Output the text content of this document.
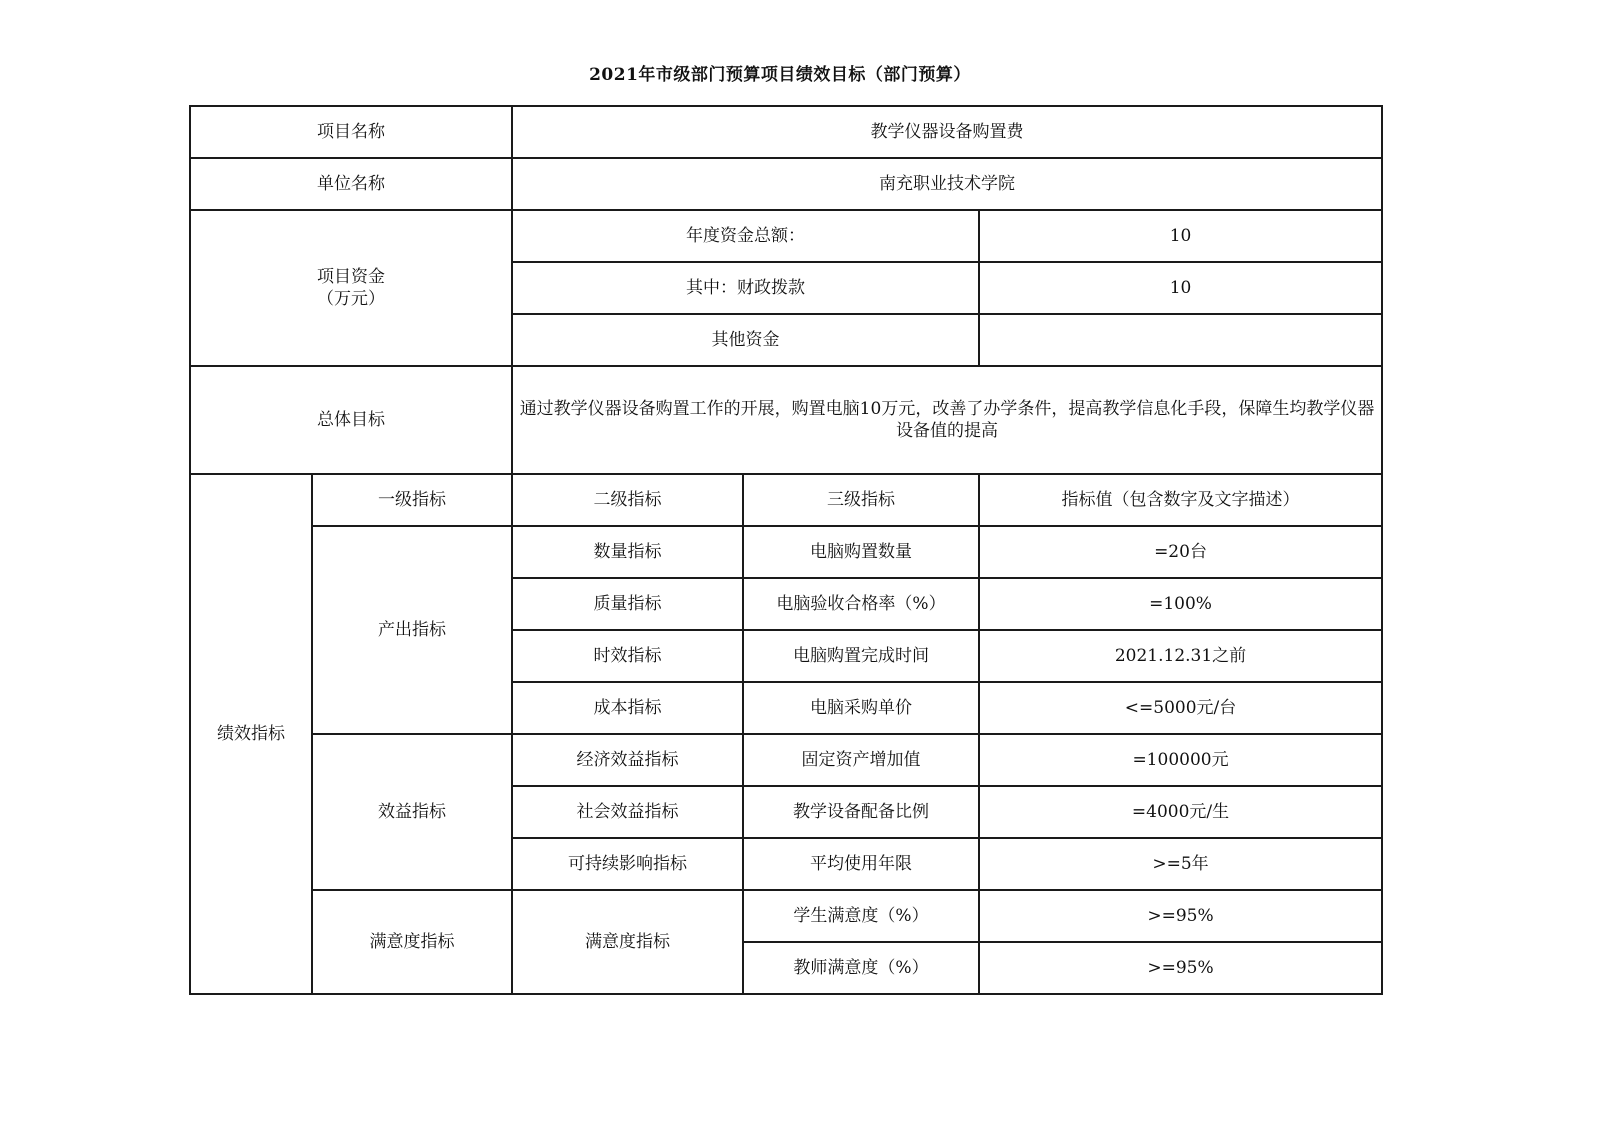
2021年市级部门预算项目绩效目标（部门预算）
项目名称		教学仪器设备购置费		
单位名称		南充职业技术学院		

项目资金
（万元）		年度资金总额：		10
		其中：财政拨款		10
		其他资金		
总体目标		通过教学仪器设备购置工作的开展，购置电脑10万元，改善了办学条件，提高教学信息化手段，保障生均教学仪器设备值的提高		
绩效指标	一级指标	二级指标	三级指标	指标值（包含数字及文字描述）
	产出指标	数量指标	电脑购置数量	=20台
		质量指标	电脑验收合格率（%）	=100%
		时效指标	电脑购置完成时间	2021.12.31之前
		成本指标	电脑采购单价	<=5000元/台
	效益指标	经济效益指标	固定资产增加值	=100000元
		社会效益指标	教学设备配备比例	=4000元/生
		可持续影响指标	平均使用年限	>=5年
	满意度指标	满意度指标	学生满意度（%）	>=95%
			教师满意度（%）	>=95%
